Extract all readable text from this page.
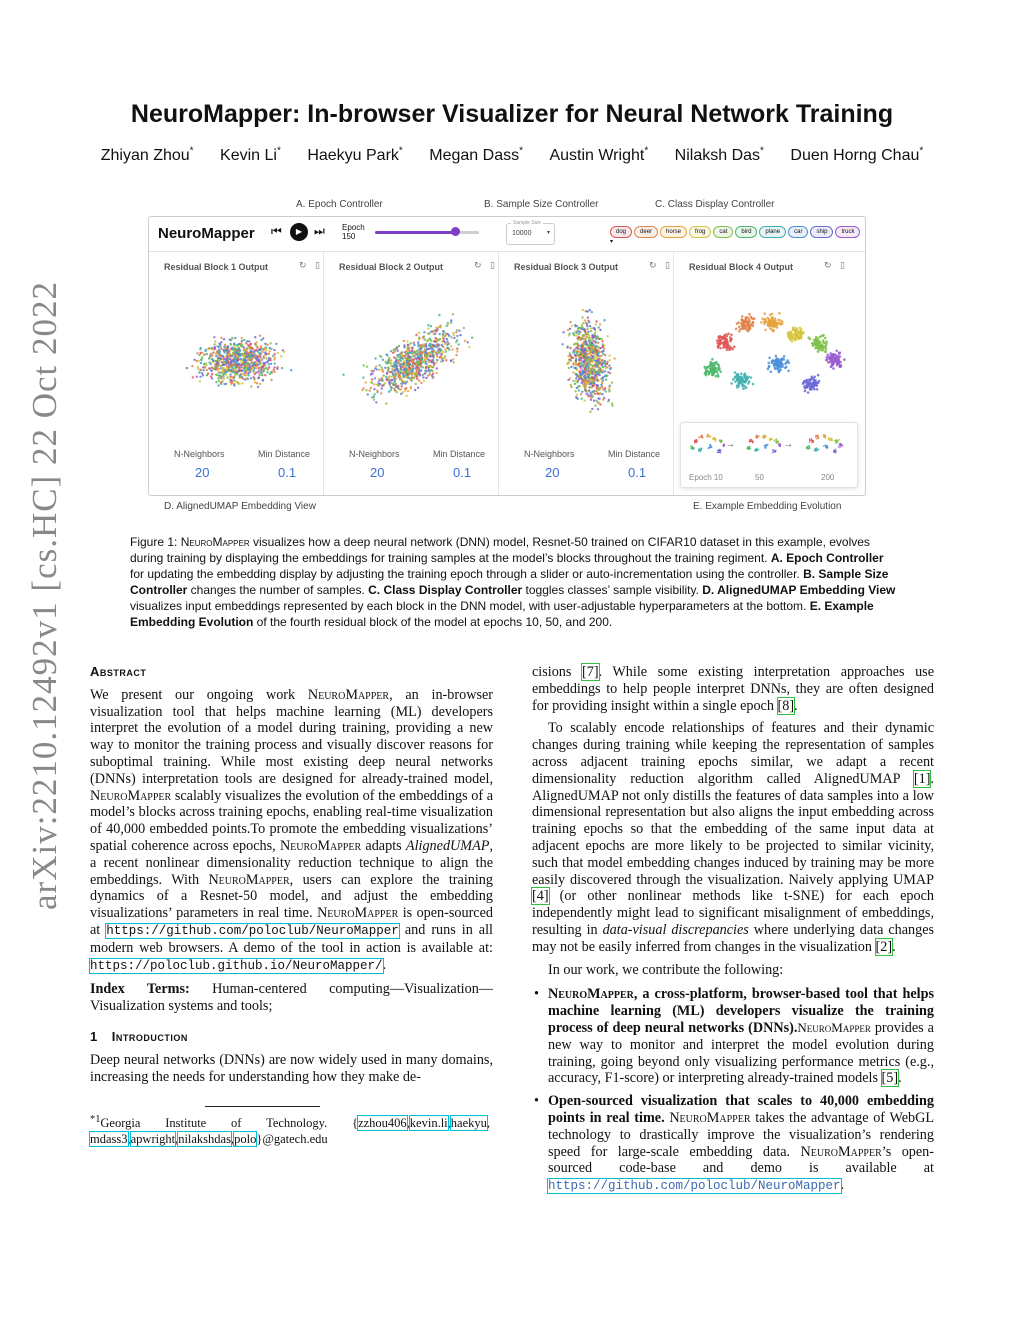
NeuroMapper: In-browser Visualizer for Neural Network Training
Zhiyan Zhou* Kevin Li* Haekyu Park* Megan Dass* Austin Wright* Nilaksh Das* Duen Horng Chau*
arXiv:2210.12492v1 [cs.HC] 22 Oct 2022
A. Epoch Controller	B. Sample Size Controller	C. Class Display Controller
D. AlignedUMAP Embedding View	E. Example Embedding Evolution
NeuroMapper ⏮	▶ ⏭ Epoch
150
Sample Size
10000	▾	dog deer horse frog cat bird plane car ship truck▾
Residual Block 1 Output	↻ ▯
N-Neighbors
20
Min Distance
0.1
Residual Block 2 Output	↻ ▯
N-Neighbors
20
Min Distance
0.1
Residual Block 3 Output	↻ ▯
N-Neighbors
20
Min Distance
0.1
Residual Block 4 Output	↻ ▯
→	→
Epoch 10	50	200
Figure 1: NeuroMapper visualizes how a deep neural network (DNN) model, Resnet-50 trained on CIFAR10 dataset in this example, evolves during training by displaying the embeddings for training samples at the model’s blocks throughout the training regiment. A. Epoch Controller for updating the embedding display by adjusting the training epoch through a slider or auto-incrementation using the controller. B. Sample Size Controller changes the number of samples. C. Class Display Controller toggles classes’ sample visibility. D. AlignedUMAP Embedding View visualizes input embeddings represented by each block in the DNN model, with user-adjustable hyperparameters at the bottom. E. Example Embedding Evolution of the fourth residual block of the model at epochs 10, 50, and 200.
Abstract

We present our ongoing work NeuroMapper, an in-browser visualization tool that helps machine learning (ML) developers interpret the evolution of a model during training, providing a new way to monitor the training process and visually discover reasons for suboptimal training. While most existing deep neural networks (DNNs) interpretation tools are designed for already-trained model, NeuroMapper scalably visualizes the evolution of the embeddings of a model’s blocks across training epochs, enabling real-time visualization of 40,000 embedded points.To promote the embedding visualizations’ spatial coherence across epochs, NeuroMapper adapts AlignedUMAP, a recent nonlinear dimensionality reduction technique to align the embeddings. With NeuroMapper, users can explore the training dynamics of a Resnet-50 model, and adjust the embedding visualizations’ parameters in real time. NeuroMapper is open-sourced at https://github.com/poloclub/NeuroMapper and runs in all modern web browsers. A demo of the tool in action is available at: https://poloclub.github.io/NeuroMapper/.

Index Terms: Human-centered computing—Visualization—Visualization systems and tools;

1 Introduction

Deep neural networks (DNNs) are now widely used in many domains, increasing the needs for understanding how they make de-

$^{*1}$Georgia Institute of Technology. {zzhou406,kevin.li,haekyu, mdass3,apwright,nilakshdas,polo}@gatech.edu

cisions [7]. While some existing interpretation approaches use embeddings to help people interpret DNNs, they are often designed for providing insight within a single epoch [8].

To scalably encode relationships of features and their dynamic changes during training while keeping the representation of samples across adjacent training epochs similar, we adapt a recent dimensionality reduction algorithm called AlignedUMAP [1]. AlignedUMAP not only distills the features of data samples into a low dimensional representation but also aligns the input embedding across training epochs so that the embedding of the same input data at adjacent epochs are more likely to be projected to similar vicinity, such that model embedding changes induced by training may be more easily discovered through the visualization. Naively applying UMAP [4] (or other nonlinear methods like t-SNE) for each epoch independently might lead to significant misalignment of embeddings, resulting in data-visual discrepancies where underlying data changes may not be easily inferred from changes in the visualization [2].

In our work, we contribute the following:

• NeuroMapper, a cross-platform, browser-based tool that helps machine learning (ML) developers visualize the training process of deep neural networks (DNNs).NeuroMapper provides a new way to monitor and interpret the model evolution during training, going beyond only visualizing performance metrics (e.g., accuracy, F1-score) or interpreting already-trained models [5].
• Open-sourced visualization that scales to 40,000 embedding points in real time. NeuroMapper takes the advantage of WebGL technology to drastically improve the visualization’s rendering speed for large-scale embedding data. NeuroMapper’s open-sourced code-base and demo is available at https://github.com/poloclub/NeuroMapper.
